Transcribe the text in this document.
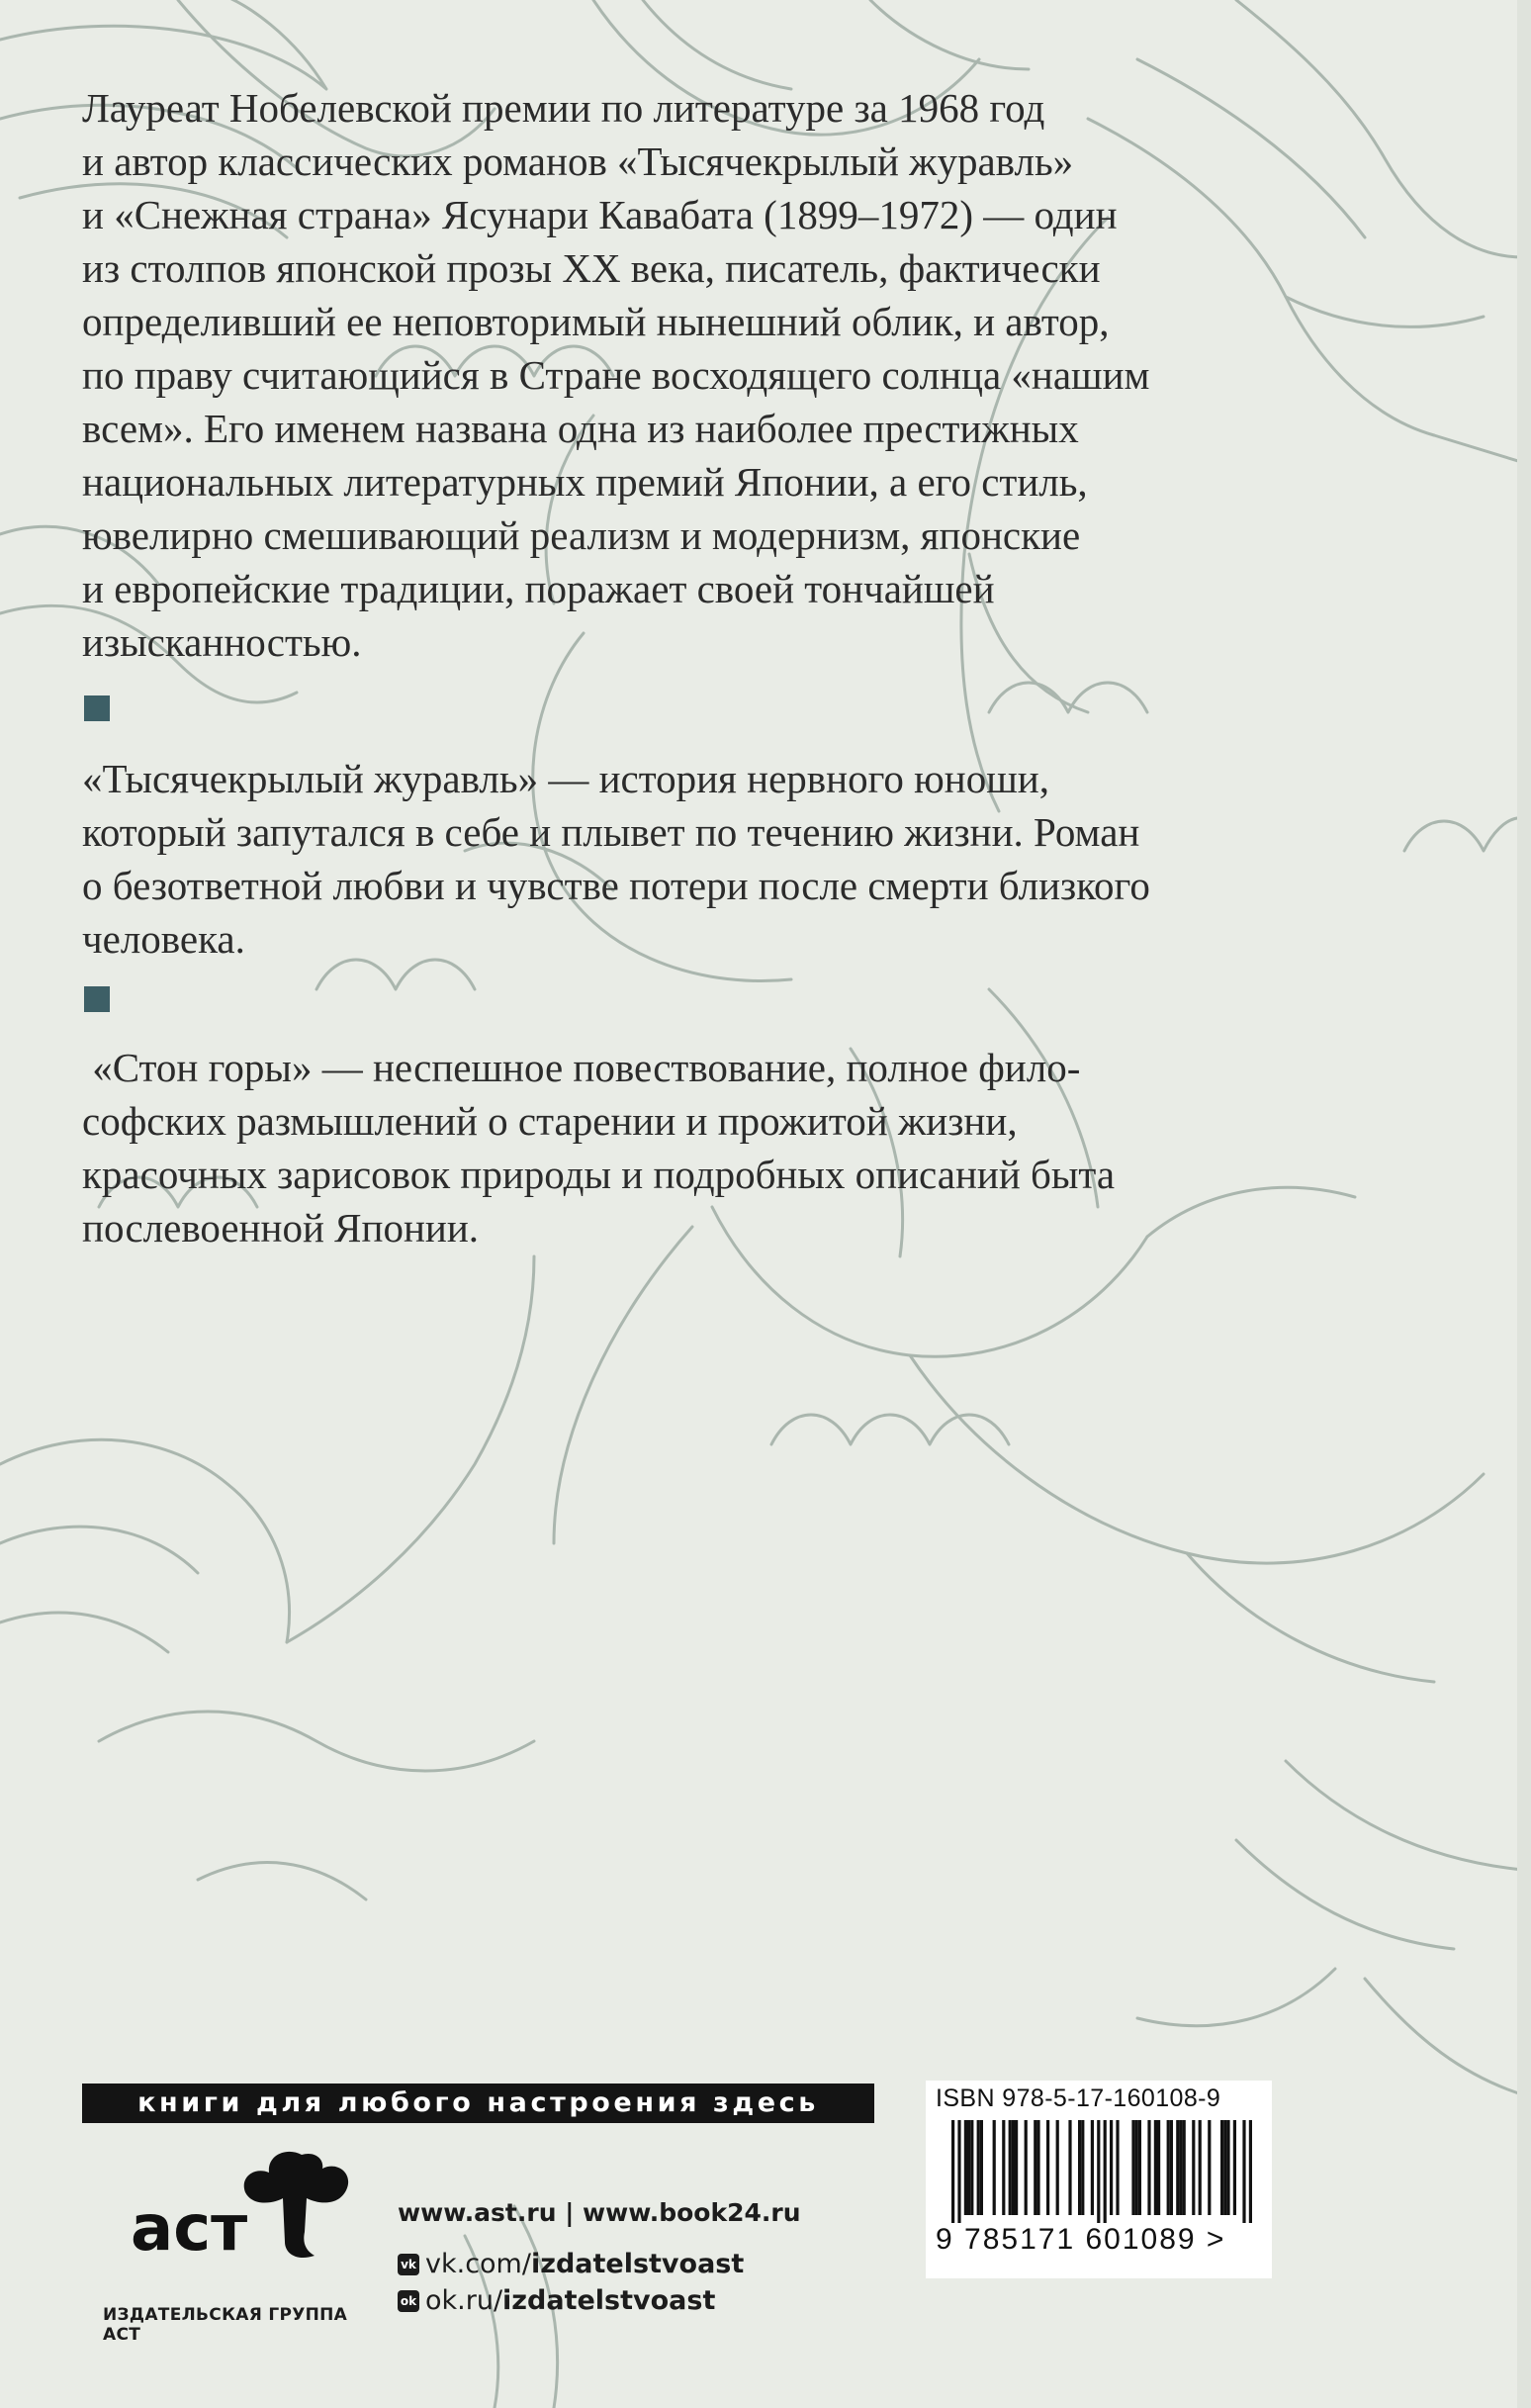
Лауреат Нобелевской премии по литературе за 1968 год
и автор классических романов «Тысячекрылый журавль»
и «Снежная страна» Ясунари Кавабата (1899–1972) — один
из столпов японской прозы XX века, писатель, фактически
определивший ее неповторимый нынешний облик, и автор,
по праву считающийся в Стране восходящего солнца «нашим
всем». Его именем названа одна из наиболее престижных
национальных литературных премий Японии, а его стиль,
ювелирно смешивающий реализм и модернизм, японские
и европейские традиции, поражает своей тончайшей
изысканностью.

«Тысячекрылый журавль» — история нервного юноши,
который запутался в себе и плывет по течению жизни. Роман
о безответной любви и чувстве потери после смерти близкого
человека.

«Стон горы» — неспешное повествование, полное фило-
софских размышлений о старении и прожитой жизни,
красочных зарисовок природы и подробных описаний быта
послевоенной Японии.

книги для любого настроения здесь
аст
ИЗДАТЕЛЬСКАЯ ГРУППА АСТ
www.ast.ru | www.book24.ru
vk vk.com/ izdatelstvoast
ok ok.ru/ izdatelstvoast
ISBN 978-5-17-160108-9
9 785171 601089 >
